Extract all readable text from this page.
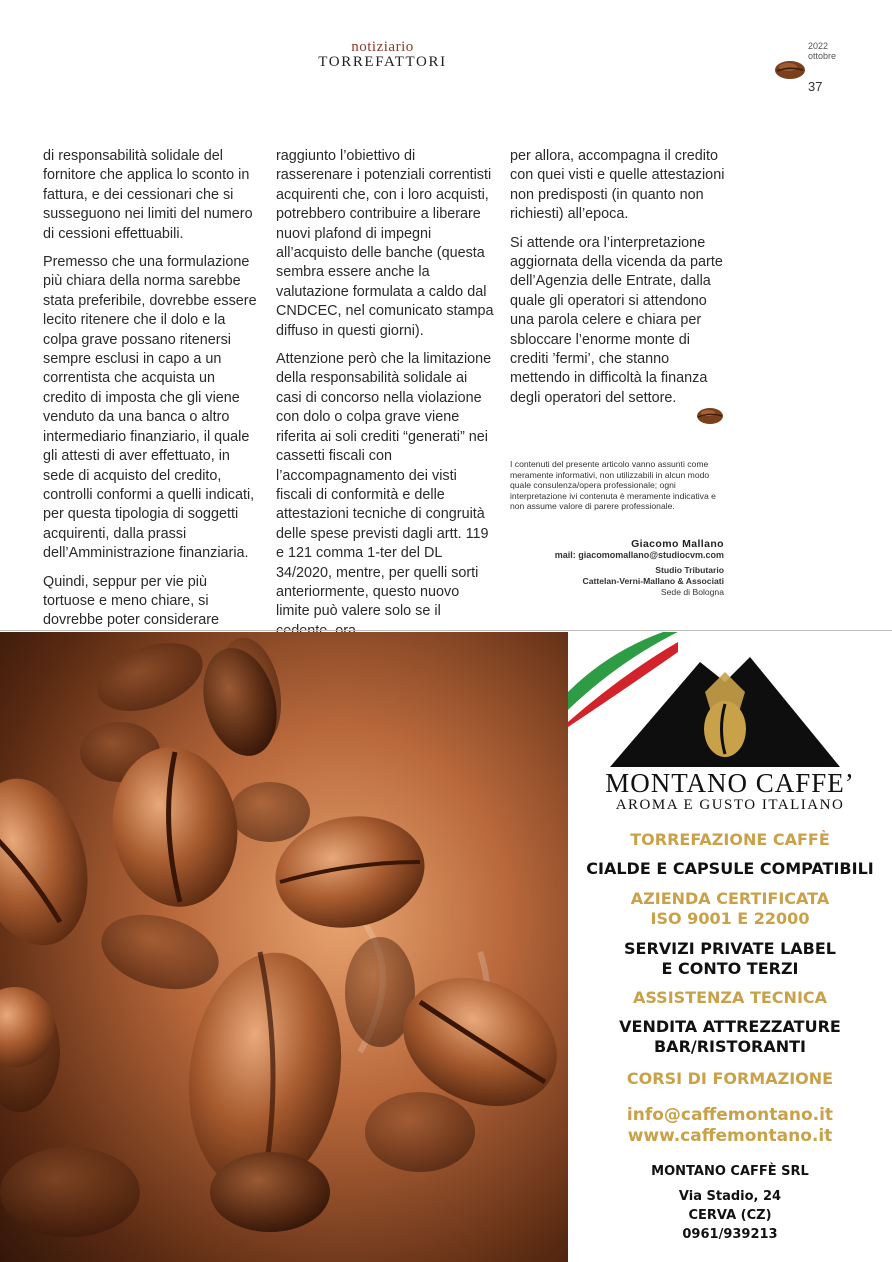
notiziario
TORREFATTORI
2022
ottobre
37

di responsabilità solidale del fornitore che applica lo sconto in fattura, e dei cessionari che si susseguono nei limiti del numero di cessioni effettuabili.

Premesso che una formulazione più chiara della norma sarebbe stata preferibile, dovrebbe essere lecito ritenere che il dolo e la colpa grave possano ritenersi sempre esclusi in capo a un correntista che acquista un credito di imposta che gli viene venduto da una banca o altro intermediario finanziario, il quale gli attesti di aver effettuato, in sede di acquisto del credito, controlli conformi a quelli indicati, per questa tipologia di soggetti acquirenti, dalla prassi dell’Amministrazione finanziaria.

Quindi, seppur per vie più tortuose e meno chiare, si dovrebbe poter considerare

raggiunto l’obiettivo di rasserenare i potenziali correntisti acquirenti che, con i loro acquisti, potrebbero contribuire a liberare nuovi plafond di impegni all’acquisto delle banche (questa sembra essere anche la valutazione formulata a caldo dal CNDCEC, nel comunicato stampa diffuso in questi giorni).

Attenzione però che la limitazione della responsabilità solidale ai casi di concorso nella violazione con dolo o colpa grave viene riferita ai soli crediti “generati” nei cassetti fiscali con l’accompagnamento dei visti fiscali di conformità e delle attestazioni tecniche di congruità delle spese previsti dagli artt. 119 e 121 comma 1-ter del DL 34/2020, mentre, per quelli sorti anteriormente, questo nuovo limite può valere solo se il

per allora, accompagna il credito con quei visti e quelle attestazioni non predisposti (in quanto non richiesti) all’epoca.

Si attende ora l’interpretazione aggiornata della vicenda da parte dell’Agenzia delle Entrate, dalla quale gli operatori si attendono una parola celere e chiara per sbloccare l’enorme monte di crediti ’fermi’, che stanno mettendo in difficoltà la finanza degli operatori del settore.

I contenuti del presente articolo vanno assunti come meramente informativi, non utilizzabili in alcun modo quale consulenza/opera professionale; ogni interpretazione ivi contenuta è meramente indicativa e non assume valore di parere professionale.
Giacomo Mallano
mail: giacomomallano@studiocvm.com
Studio Tributario
Cattelan-Verni-Mallano & Associati
Sede di Bologna
®
MONTANO CAFFE’
AROMA E GUSTO ITALIANO
TORREFAZIONE CAFFÈ
CIALDE E CAPSULE COMPATIBILI
AZIENDA CERTIFICATA
ISO 9001 E 22000
SERVIZI PRIVATE LABEL
E CONTO TERZI
ASSISTENZA TECNICA
VENDITA ATTREZZATURE
BAR/RISTORANTI
CORSI DI FORMAZIONE
info@caffemontano.it
www.caffemontano.it
MONTANO CAFFÈ SRL
Via Stadio, 24
CERVA (CZ)
0961/939213
